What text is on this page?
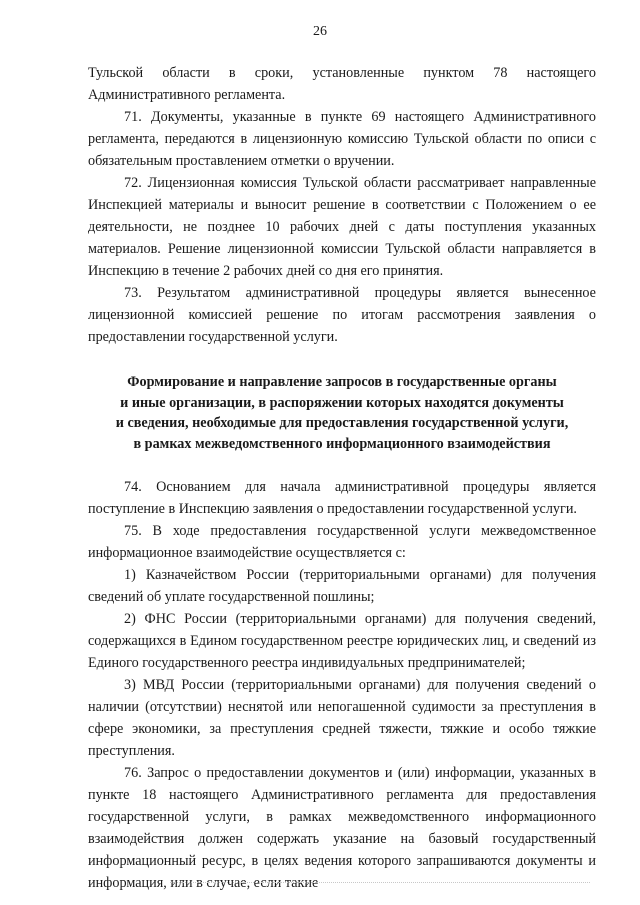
26

Тульской области в сроки, установленные пунктом 78 настоящего Административного регламента.

71. Документы, указанные в пункте 69 настоящего Административного регламента, передаются в лицензионную комиссию Тульской области по описи с обязательным проставлением отметки о вручении.

72. Лицензионная комиссия Тульской области рассматривает направленные Инспекцией материалы и выносит решение в соответствии с Положением о ее деятельности, не позднее 10 рабочих дней с даты поступления указанных материалов. Решение лицензионной комиссии Тульской области направляется в Инспекцию в течение 2 рабочих дней со дня его принятия.

73. Результатом административной процедуры является вынесенное лицензионной комиссией решение по итогам рассмотрения заявления о предоставлении государственной услуги.

Формирование и направление запросов в государственные органы
и иные организации, в распоряжении которых находятся документы
и сведения, необходимые для предоставления государственной услуги,
в рамках межведомственного информационного взаимодействия

74. Основанием для начала административной процедуры является поступление в Инспекцию заявления о предоставлении государственной услуги.

75. В ходе предоставления государственной услуги межведомственное информационное взаимодействие осуществляется с:

1) Казначейством России (территориальными органами) для получения сведений об уплате государственной пошлины;

2) ФНС России (территориальными органами) для получения сведений, содержащихся в Едином государственном реестре юридических лиц, и сведений из Единого государственного реестра индивидуальных предпринимателей;

3) МВД России (территориальными органами) для получения сведений о наличии (отсутствии) неснятой или непогашенной судимости за преступления в сфере экономики, за преступления средней тяжести, тяжкие и особо тяжкие преступления.

76. Запрос о предоставлении документов и (или) информации, указанных в пункте 18 настоящего Административного регламента для предоставления государственной услуги, в рамках межведомственного информационного взаимодействия должен содержать указание на базовый государственный информационный ресурс, в целях ведения которого запрашиваются документы и информация, или в случае, если такие
